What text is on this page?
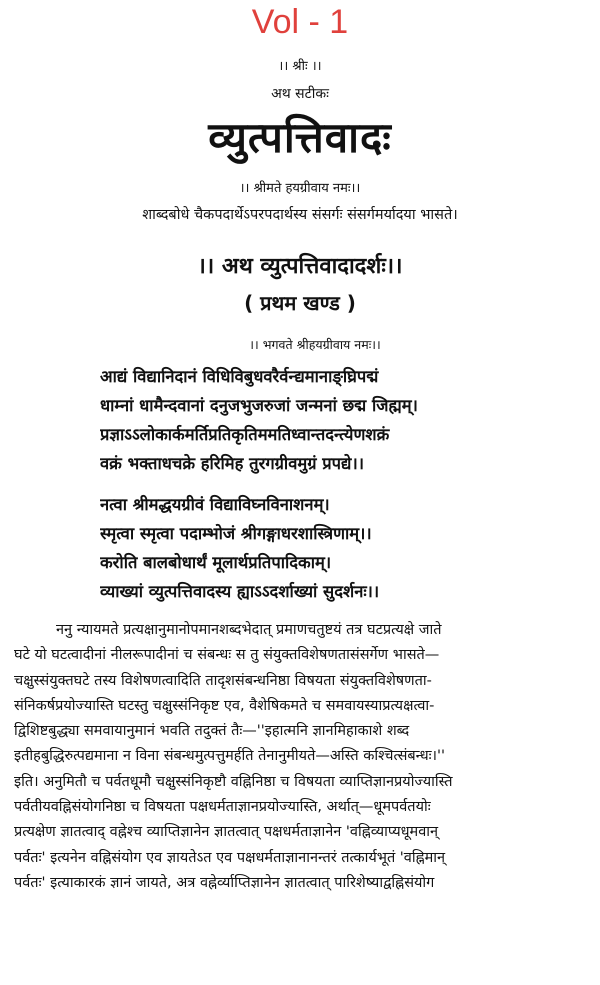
Vol - 1
।। श्रीः ।।
अथ सटीकः
व्युत्पत्तिवादः
।। श्रीमते हयग्रीवाय नमः।।
शाब्दबोधे चैकपदार्थेऽपरपदार्थस्य संसर्गः संसर्गमर्यादया भासते।
।। अथ व्युत्पत्तिवादादर्शः।।
( प्रथम खण्ड )
।। भगवते श्रीहयग्रीवाय नमः।।
आद्यं विद्यानिदानं विधिविबुधवरैर्वन्द्यमानाङ्घ्रिपद्मं
धाम्नां धामैन्दवानां दनुजभुजरुजां जन्मनां छद्म जिह्मम्।
प्रज्ञाऽऽलोकार्कमर्तिप्रतिकृतिममतिध्वान्तदन्त्येणशक्रं
वक्रं भक्ताधचक्रे हरिमिह तुरगग्रीवमुग्रं प्रपद्ये।।
नत्वा श्रीमद्धयग्रीवं विद्याविघ्नविनाशनम्।
स्मृत्वा स्मृत्वा पदाम्भोजं श्रीगङ्गाधरशास्त्रिणाम्।।
करोति बालबोधार्थं मूलार्थप्रतिपादिकाम्।
व्याख्यां व्युत्पत्तिवादस्य ह्याऽऽदर्शाख्यां सुदर्शनः।।
ननु न्यायमते प्रत्यक्षानुमानोपमानशब्दभेदात् प्रमाणचतुष्टयं तत्र घटप्रत्यक्षे जाते
घटे यो घटत्वादीनां नीलरूपादीनां च संबन्धः स तु संयुक्तविशेषणतासंसर्गेण भासते—
चक्षुस्संयुक्तघटे तस्य विशेषणत्वादिति तादृशसंबन्धनिष्ठा विषयता संयुक्तविशेषणता-
संनिकर्षप्रयोज्यास्ति घटस्तु चक्षुस्संनिकृष्ट एव, वैशेषिकमते च समवायस्याप्रत्यक्षत्वा-
द्विशिष्टबुद्ध्या समवायानुमानं भवति तदुक्तं तैः—''इहात्मनि ज्ञानमिहाकाशे शब्द
इतीहबुद्धिरुत्पद्यमाना न विना संबन्धमुत्पत्तुमर्हति तेनानुमीयते—अस्ति कश्चित्संबन्धः।''
इति। अनुमितौ च पर्वतधूमौ चक्षुस्संनिकृष्टौ वह्निनिष्ठा च विषयता व्याप्तिज्ञानप्रयोज्यास्ति
पर्वतीयवह्निसंयोगनिष्ठा च विषयता पक्षधर्मताज्ञानप्रयोज्यास्ति, अर्थात्—धूमपर्वतयोः
प्रत्यक्षेण ज्ञातत्वाद् वह्नेश्च व्याप्तिज्ञानेन ज्ञातत्वात् पक्षधर्मताज्ञानेन 'वह्निव्याप्यधूमवान्
पर्वतः' इत्यनेन वह्निसंयोग एव ज्ञायतेऽत एव पक्षधर्मताज्ञानानन्तरं तत्कार्यभूतं 'वह्निमान्
पर्वतः' इत्याकारकं ज्ञानं जायते, अत्र वह्नेर्व्याप्तिज्ञानेन ज्ञातत्वात् पारिशेष्याद्वह्निसंयोग
